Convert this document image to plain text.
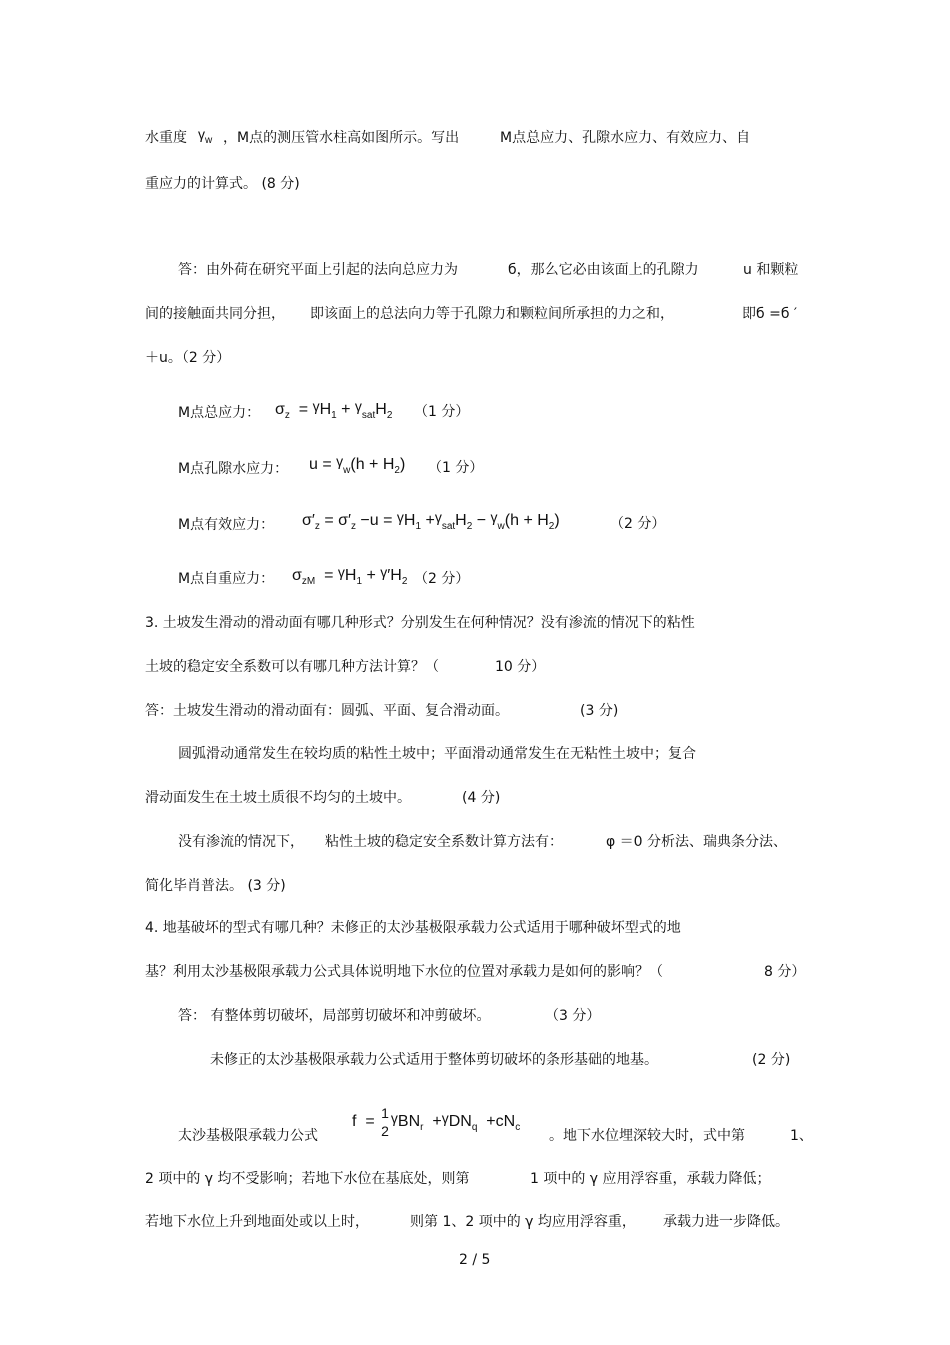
水重度 $\gamma_w$ ，M点的测压管水柱高如图所示。写出	M点总应力、孔隙水应力、有效应力、自
重应力的计算式。 (8 分)
答：由外荷在研究平面上引起的法向总应力为	б，那么它必由该面上的孔隙力	u 和颗粒
间的接触面共同分担， 即该面上的总法向力等于孔隙力和颗粒间所承担的力之和，	即б =б ′
＋u。（2 分）
M点总应力： $\sigma_z = ^\gamma H_1 + ^\gamma_{sat}H_2$ （1 分）
M点孔隙水应力： $u = ^\gamma_w(h + H_2)$ （1 分）
M点有效应力： $\sigma'_z = \sigma'_z -u = ^\gamma H_1 +^\gamma_{sat}H_2 - ^\gamma_w(h + H_2)$	（2 分）
M点自重应力： $\sigma_{zM} = ^\gamma H_1 + ^\gamma'H_2$ （2 分）
3. 土坡发生滑动的滑动面有哪几种形式？分别发生在何种情况？没有渗流的情况下的粘性
土坡的稳定安全系数可以有哪几种方法计算？（	10 分）
答：土坡发生滑动的滑动面有：圆弧、平面、复合滑动面。	(3 分)
圆弧滑动通常发生在较均质的粘性土坡中；平面滑动通常发生在无粘性土坡中；复合
滑动面发生在土坡土质很不均匀的土坡中。	(4 分)
没有渗流的情况下， 粘性土坡的稳定安全系数计算方法有：	φ ＝0 分析法、瑞典条分法、
简化毕肖普法。 (3 分)
4. 地基破坏的型式有哪几种？未修正的太沙基极限承载力公式适用于哪种破坏型式的地
基？利用太沙基极限承载力公式具体说明地下水位的位置对承载力是如何的影响？（	8 分）
答： 有整体剪切破坏，局部剪切破坏和冲剪破坏。	（3 分）
未修正的太沙基极限承载力公式适用于整体剪切破坏的条形基础的地基。	(2 分)
太沙基极限承载力公式
f  =
1
2
$^\gamma BN_r +^\gamma DN_q +cN_c$
。地下水位埋深较大时，式中第	1、
2 项中的 γ 均不受影响；若地下水位在基底处，则第	1 项中的 γ 应用浮容重，承载力降低；
若地下水位上升到地面处或以上时，	则第 1、2 项中的 γ 均应用浮容重， 承载力进一步降低。
2 / 5
